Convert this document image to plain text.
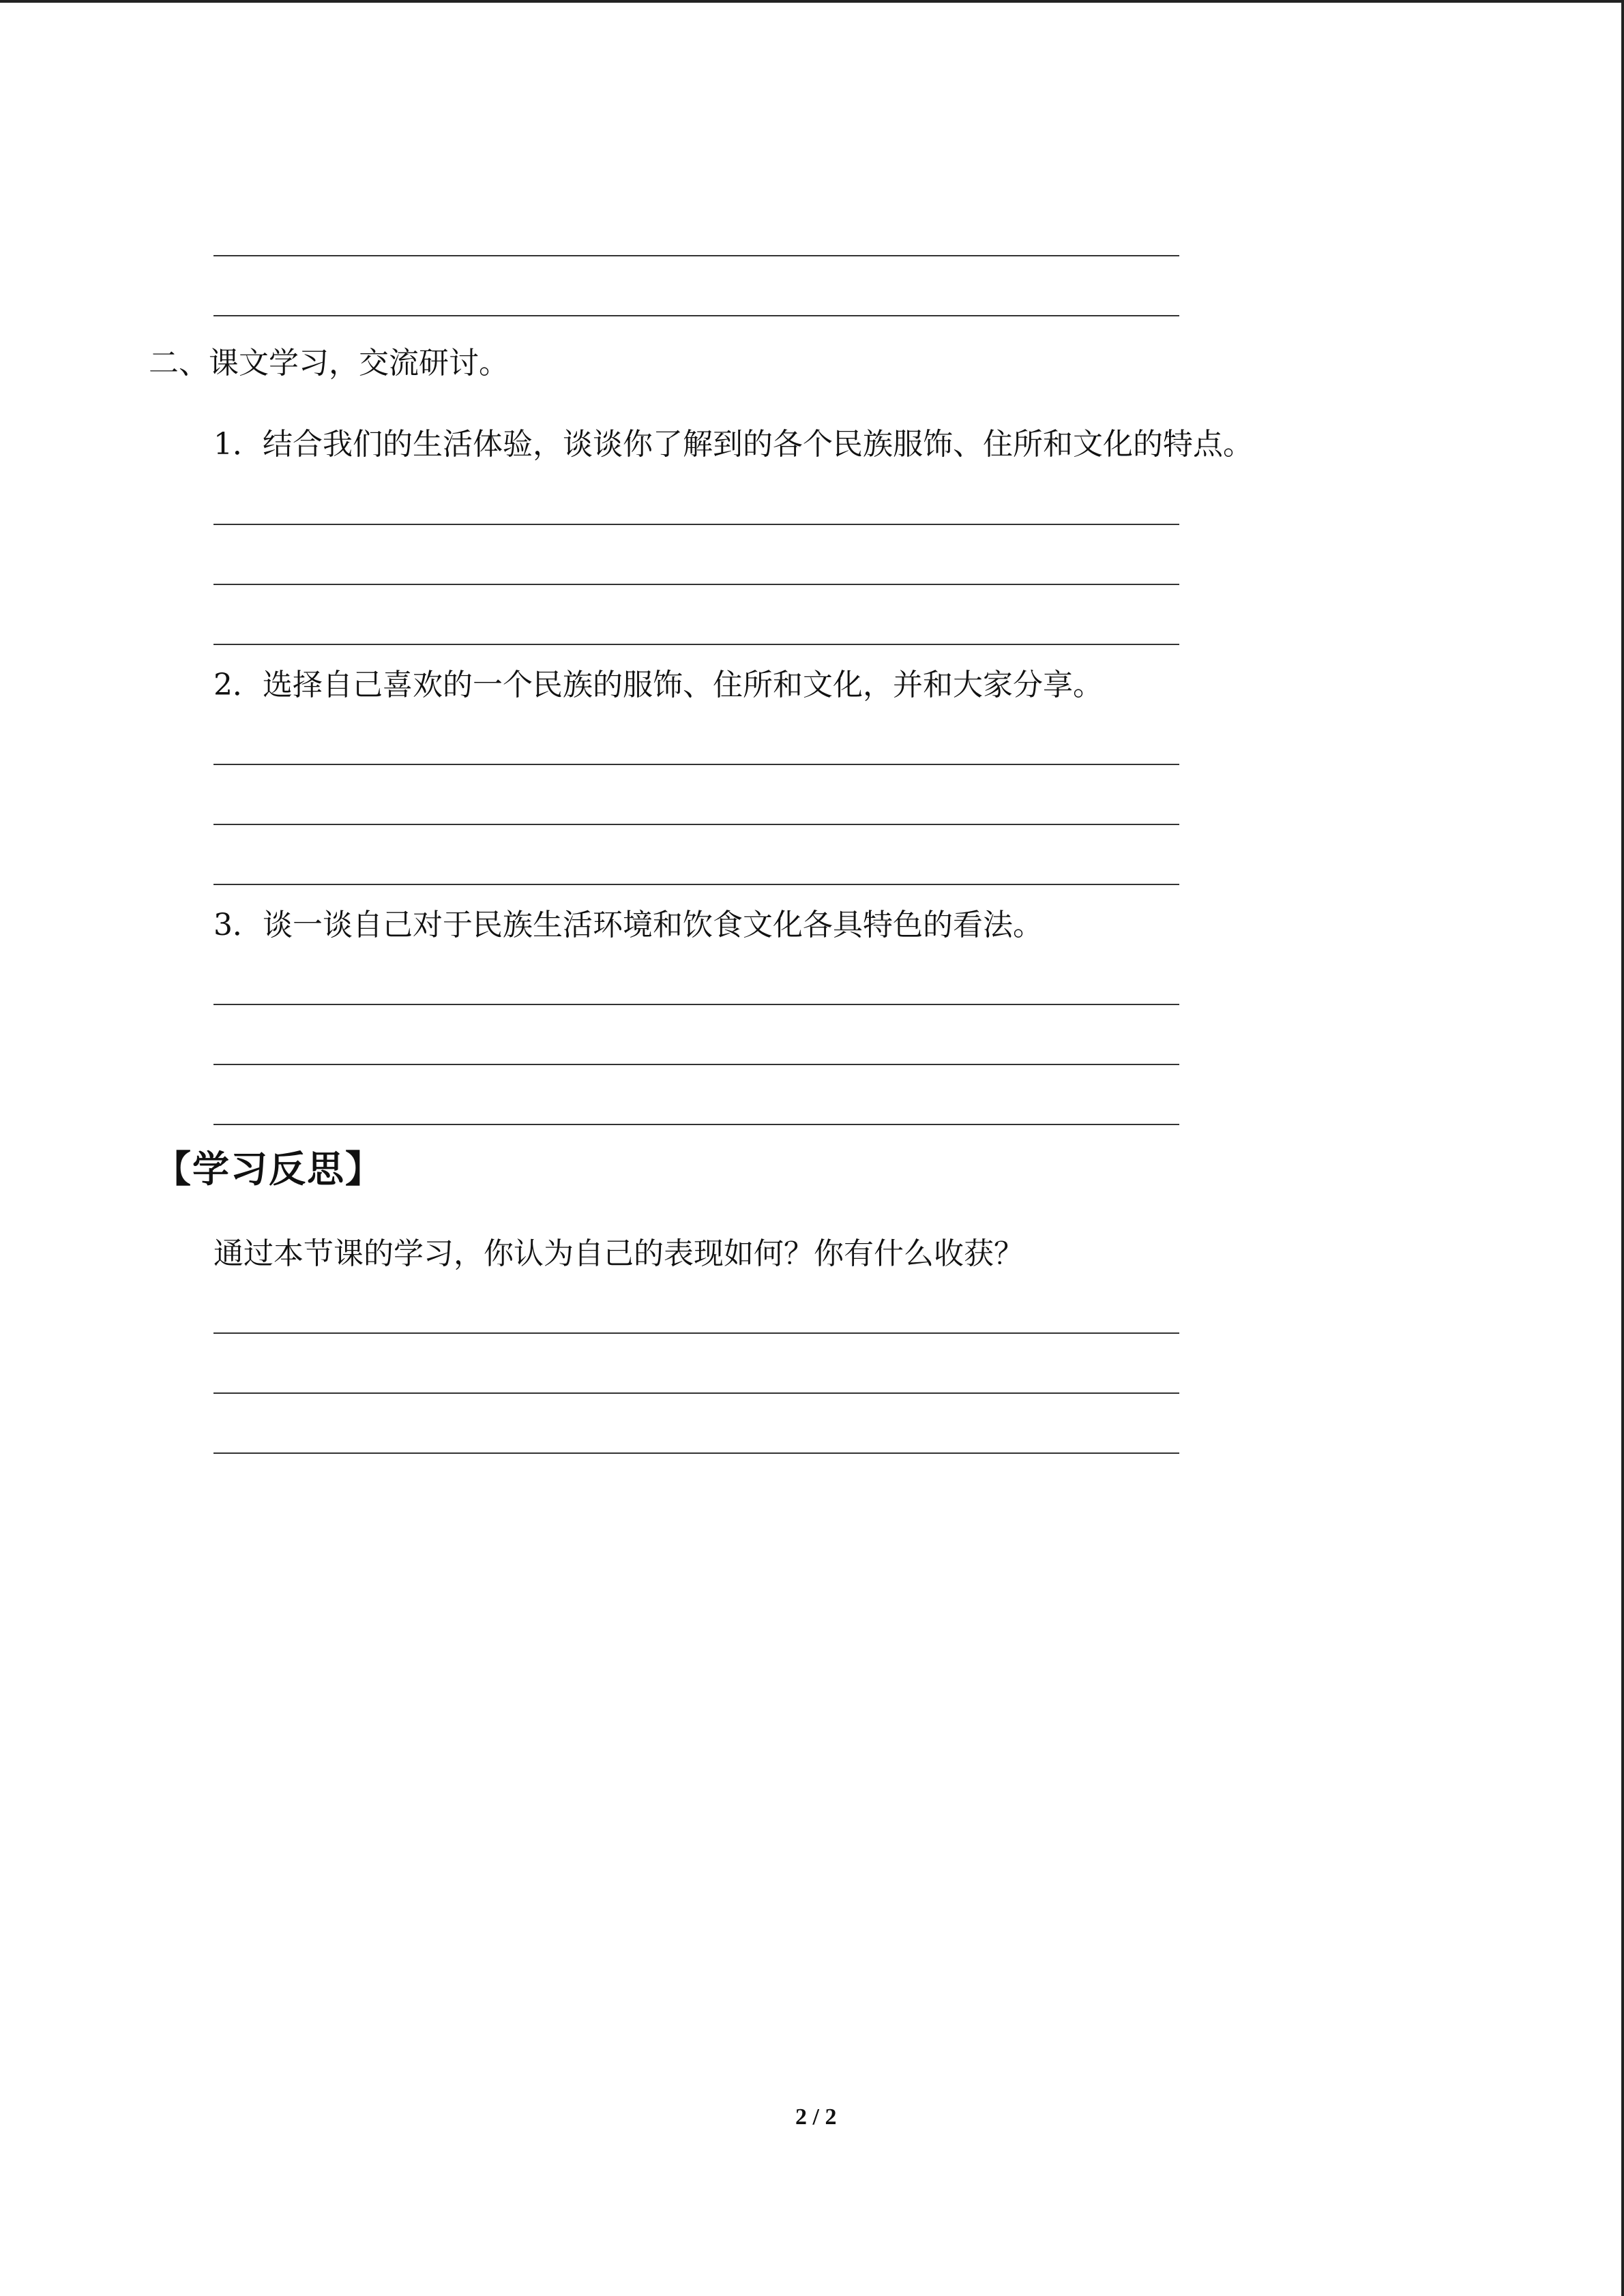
二、课文学习，交流研讨。
1．结合我们的生活体验，谈谈你了解到的各个民族服饰、住所和文化的特点。
2．选择自己喜欢的一个民族的服饰、住所和文化，并和大家分享。
3．谈一谈自己对于民族生活环境和饮食文化各具特色的看法。
【学习反思】
通过本节课的学习，你认为自己的表现如何？你有什么收获？
2 / 2
